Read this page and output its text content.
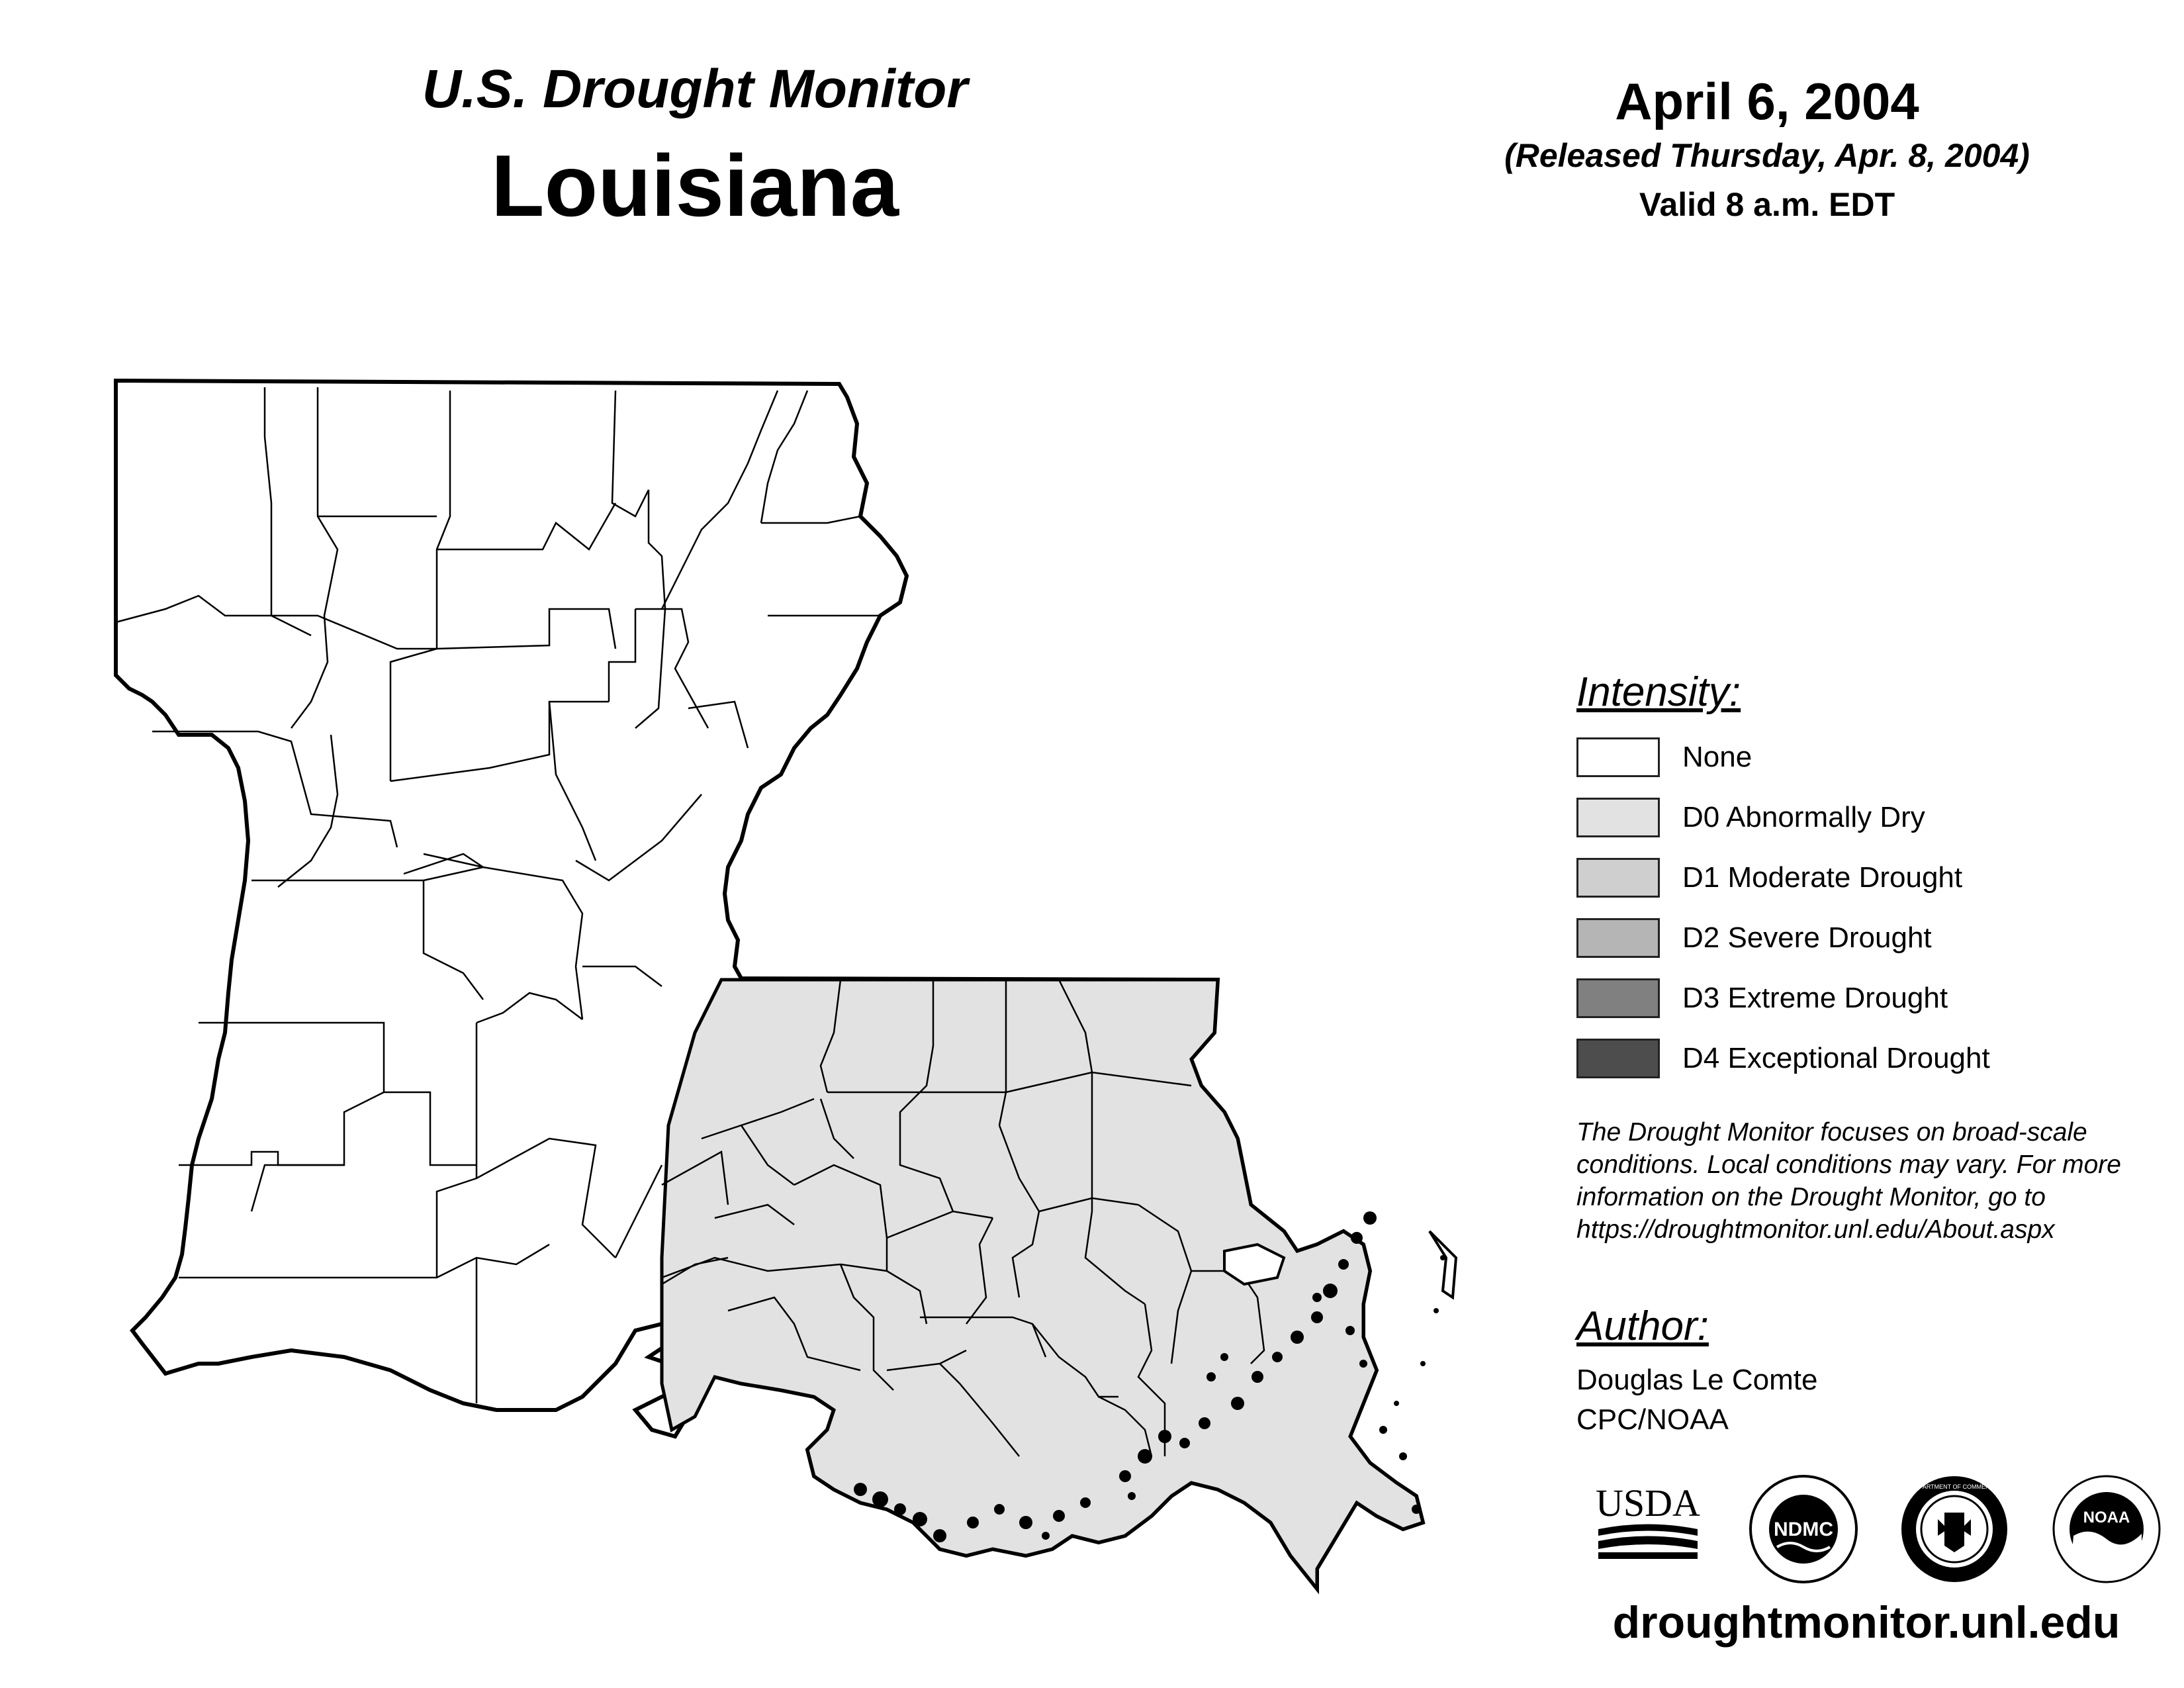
U.S. Drought Monitor
Louisiana
April 6, 2004
(Released Thursday, Apr. 8, 2004)
Valid 8 a.m. EDT
Intensity:
None
D0 Abnormally Dry
D1 Moderate Drought
D2 Severe Drought
D3 Extreme Drought
D4 Exceptional Drought
The Drought Monitor focuses on broad-scale
conditions. Local conditions may vary. For more
information on the Drought Monitor, go to
https://droughtmonitor.unl.edu/About.aspx
Author:
Douglas Le Comte
CPC/NOAA
USDA
NDMC
DEPARTMENT OF COMMERCE
NOAA
droughtmonitor.unl.edu
